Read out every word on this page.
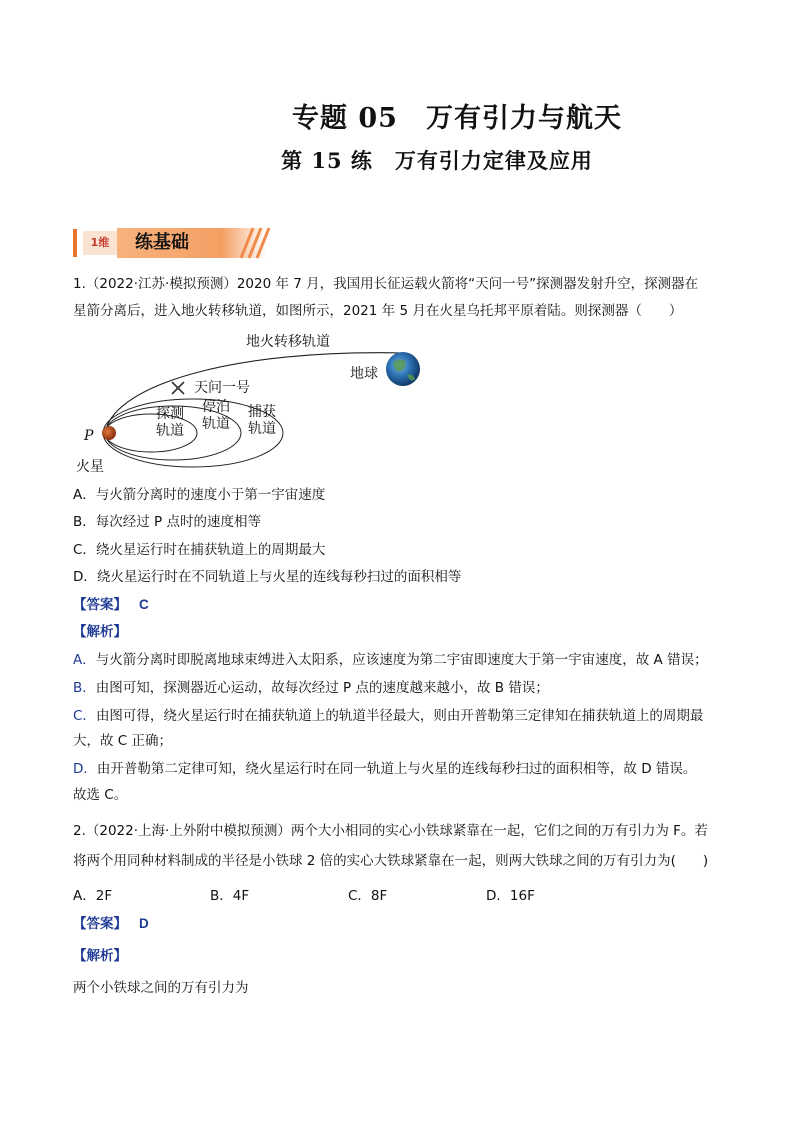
专题 05　万有引力与航天
第 15 练　万有引力定律及应用
1维	练基础

1.（2022·江苏·模拟预测）2020 年 7 月，我国用长征运载火箭将“天问一号”探测器发射升空，探测器在

星箭分离后，进入地火转移轨道，如图所示，2021 年 5 月在火星乌托邦平原着陆。则探测器（　　）

地火转移轨道
地球
天问一号
探测
轨道
停泊
轨道
捕获
轨道
P
火星

A．与火箭分离时的速度小于第一宇宙速度

B．每次经过 P 点时的速度相等

C．绕火星运行时在捕获轨道上的周期最大

D．绕火星运行时在不同轨道上与火星的连线每秒扫过的面积相等

【答案】 C

【解析】

A．与火箭分离时即脱离地球束缚进入太阳系，应该速度为第二宇宙即速度大于第一宇宙速度，故 A 错误；

B．由图可知，探测器近心运动，故每次经过 P 点的速度越来越小，故 B 错误；

C．由图可得，绕火星运行时在捕获轨道上的轨道半径最大，则由开普勒第三定律知在捕获轨道上的周期最

大，故 C 正确；

D．由开普勒第二定律可知，绕火星运行时在同一轨道上与火星的连线每秒扫过的面积相等，故 D 错误。

故选 C。

2.（2022·上海·上外附中模拟预测）两个大小相同的实心小铁球紧靠在一起，它们之间的万有引力为 F。若

将两个用同种材料制成的半径是小铁球 2 倍的实心大铁球紧靠在一起，则两大铁球之间的万有引力为(　　)

A．2F	B．4F	C．8F	D．16F

【答案】 D

【解析】

两个小铁球之间的万有引力为
